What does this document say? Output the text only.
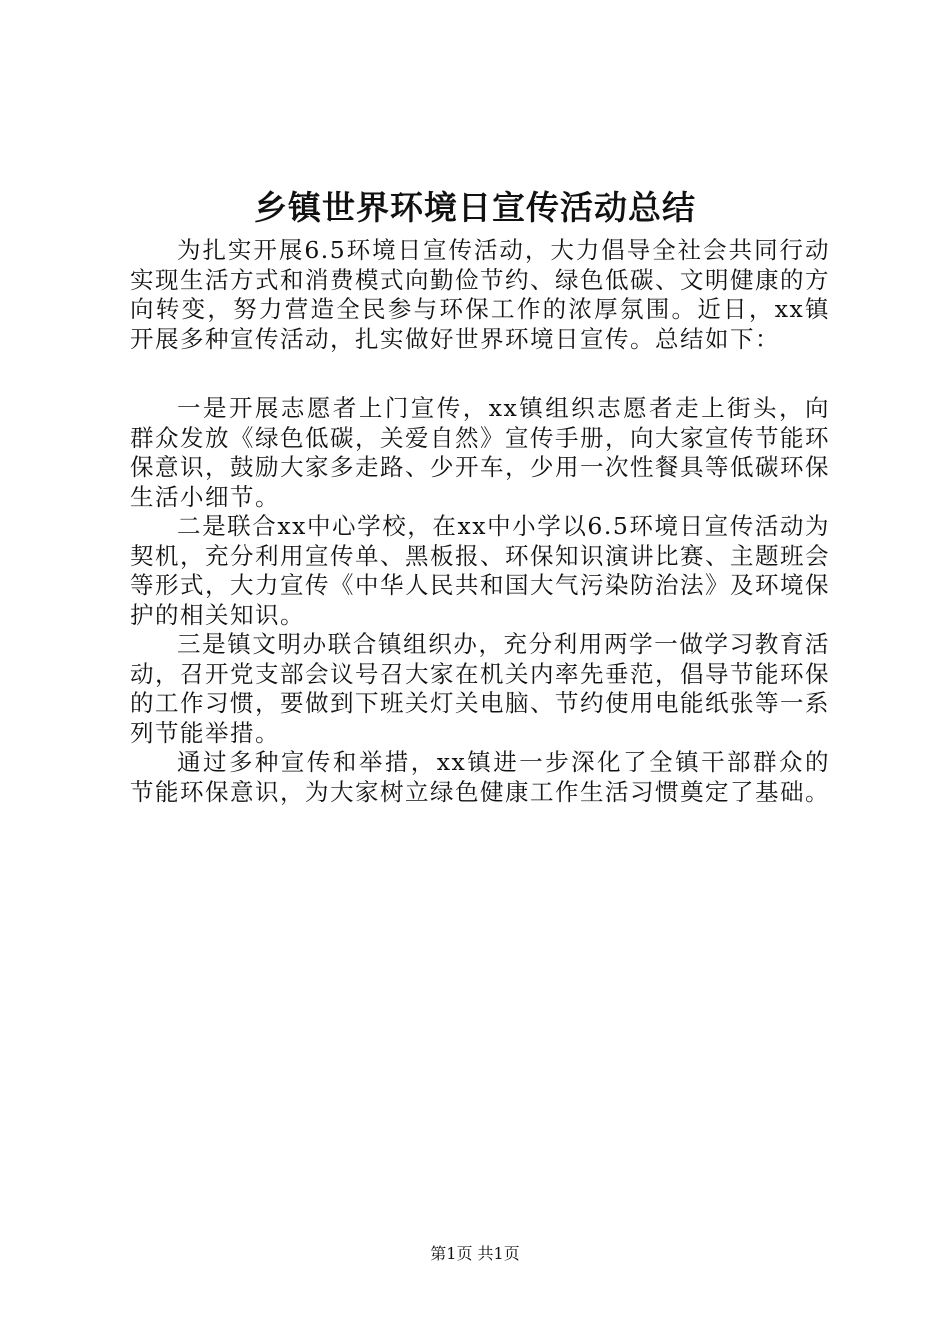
乡镇世界环境日宣传活动总结

为扎实开展6.5环境日宣传活动，大力倡导全社会共同行动实现生活方式和消费模式向勤俭节约、绿色低碳、文明健康的方向转变，努力营造全民参与环保工作的浓厚氛围。近日，xx镇开展多种宣传活动，扎实做好世界环境日宣传。总结如下：

一是开展志愿者上门宣传，xx镇组织志愿者走上街头，向群众发放《绿色低碳，关爱自然》宣传手册，向大家宣传节能环保意识，鼓励大家多走路、少开车，少用一次性餐具等低碳环保生活小细节。

二是联合xx中心学校，在xx中小学以6.5环境日宣传活动为契机，充分利用宣传单、黑板报、环保知识演讲比赛、主题班会等形式，大力宣传《中华人民共和国大气污染防治法》及环境保护的相关知识。

三是镇文明办联合镇组织办，充分利用两学一做学习教育活动，召开党支部会议号召大家在机关内率先垂范，倡导节能环保的工作习惯，要做到下班关灯关电脑、节约使用电能纸张等一系列节能举措。

通过多种宣传和举措，xx镇进一步深化了全镇干部群众的节能环保意识，为大家树立绿色健康工作生活习惯奠定了基础。

第1页 共1页
